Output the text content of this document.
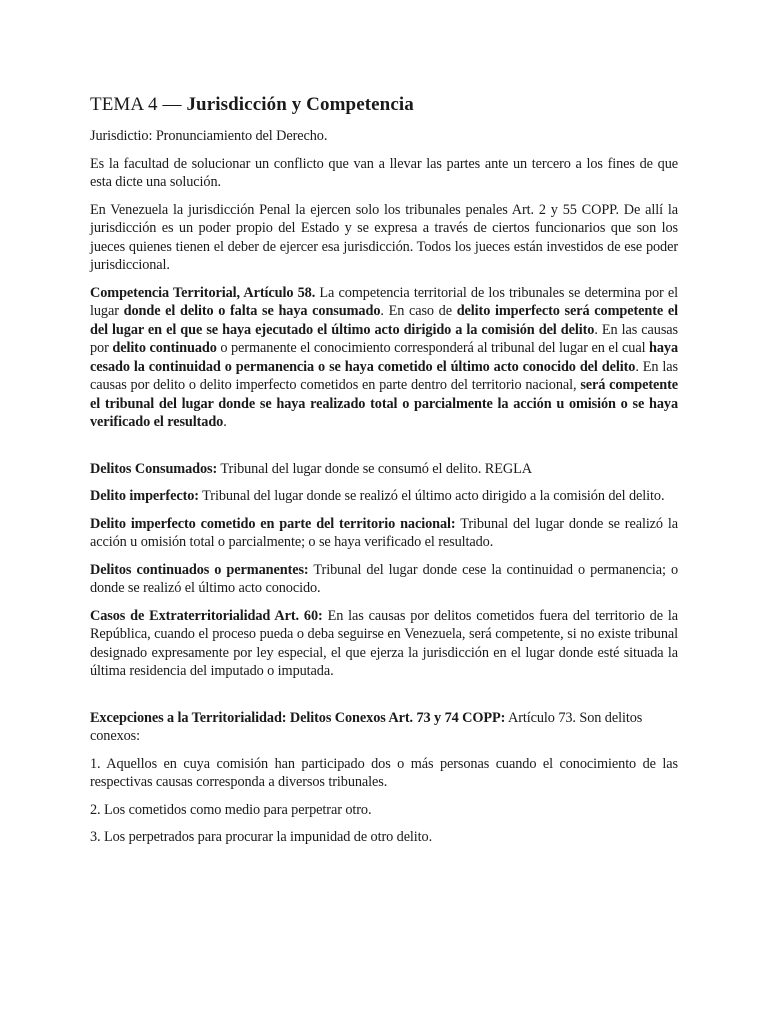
TEMA 4 — Jurisdicción y Competencia

Jurisdictio: Pronunciamiento del Derecho.

Es la facultad de solucionar un conflicto que van a llevar las partes ante un tercero a los fines de que esta dicte una solución.

En Venezuela la jurisdicción Penal la ejercen solo los tribunales penales Art. 2 y 55 COPP. De allí la jurisdicción es un poder propio del Estado y se expresa a través de ciertos funcionarios que son los jueces quienes tienen el deber de ejercer esa jurisdicción. Todos los jueces están investidos de ese poder jurisdiccional.

Competencia Territorial, Artículo 58. La competencia territorial de los tribunales se determina por el lugar donde el delito o falta se haya consumado. En caso de delito imperfecto será competente el del lugar en el que se haya ejecutado el último acto dirigido a la comisión del delito. En las causas por delito continuado o permanente el conocimiento corresponderá al tribunal del lugar en el cual haya cesado la continuidad o permanencia o se haya cometido el último acto conocido del delito. En las causas por delito o delito imperfecto cometidos en parte dentro del territorio nacional, será competente el tribunal del lugar donde se haya realizado total o parcialmente la acción u omisión o se haya verificado el resultado.

Delitos Consumados: Tribunal del lugar donde se consumó el delito. REGLA

Delito imperfecto: Tribunal del lugar donde se realizó el último acto dirigido a la comisión del delito.

Delito imperfecto cometido en parte del territorio nacional: Tribunal del lugar donde se realizó la acción u omisión total o parcialmente; o se haya verificado el resultado.

Delitos continuados o permanentes: Tribunal del lugar donde cese la continuidad o permanencia; o donde se realizó el último acto conocido.

Casos de Extraterritorialidad Art. 60: En las causas por delitos cometidos fuera del territorio de la República, cuando el proceso pueda o deba seguirse en Venezuela, será competente, si no existe tribunal designado expresamente por ley especial, el que ejerza la jurisdicción en el lugar donde esté situada la última residencia del imputado o imputada.

Excepciones a la Territorialidad: Delitos Conexos Art. 73 y 74 COPP: Artículo 73. Son delitos conexos:

1. Aquellos en cuya comisión han participado dos o más personas cuando el conocimiento de las respectivas causas corresponda a diversos tribunales.

2. Los cometidos como medio para perpetrar otro.

3. Los perpetrados para procurar la impunidad de otro delito.
